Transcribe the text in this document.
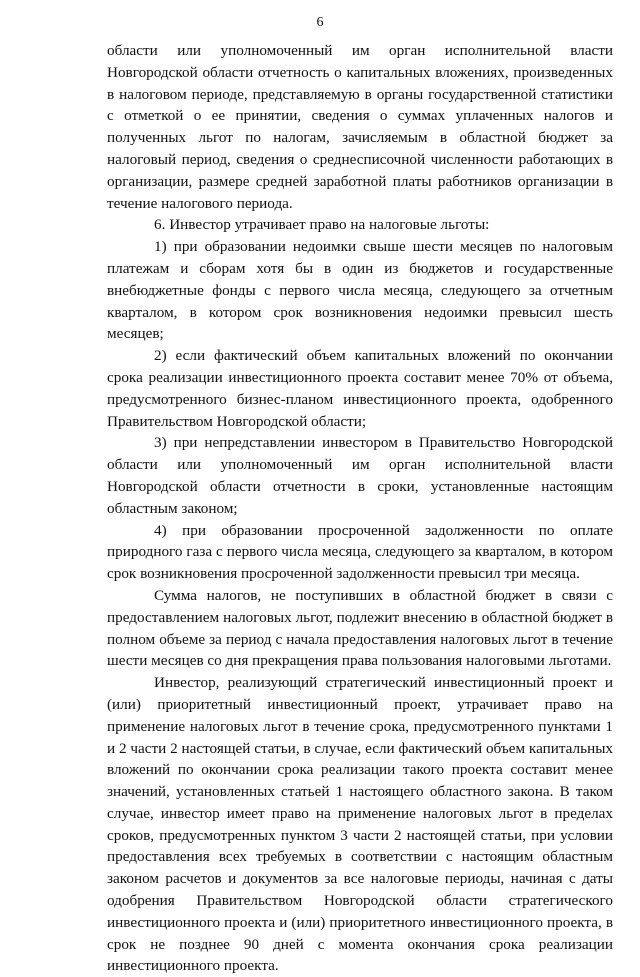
6

области или уполномоченный им орган исполнительной власти Новгородской области отчетность о капитальных вложениях, произведенных в налоговом периоде, представляемую в органы государственной статистики с отметкой о ее принятии, сведения о суммах уплаченных налогов и полученных льгот по налогам, зачисляемым в областной бюджет за налоговый период, сведения о среднесписочной численности работающих в организации, размере средней заработной платы работников организации в течение налогового периода.

6. Инвестор утрачивает право на налоговые льготы:

1) при образовании недоимки свыше шести месяцев по налоговым платежам и сборам хотя бы в один из бюджетов и государственные внебюджетные фонды с первого числа месяца, следующего за отчетным кварталом, в котором срок возникновения недоимки превысил шесть месяцев;

2) если фактический объем капитальных вложений по окончании срока реализации инвестиционного проекта составит менее 70% от объема, предусмотренного бизнес-планом инвестиционного проекта, одобренного Правительством Новгородской области;

3) при непредставлении инвестором в Правительство Новгородской области или уполномоченный им орган исполнительной власти Новгородской области отчетности в сроки, установленные настоящим областным законом;

4) при образовании просроченной задолженности по оплате природного газа с первого числа месяца, следующего за кварталом, в котором срок возникновения просроченной задолженности превысил три месяца.

Сумма налогов, не поступивших в областной бюджет в связи с предоставлением налоговых льгот, подлежит внесению в областной бюджет в полном объеме за период с начала предоставления налоговых льгот в течение шести месяцев со дня прекращения права пользования налоговыми льготами.

Инвестор, реализующий стратегический инвестиционный проект и (или) приоритетный инвестиционный проект, утрачивает право на применение налоговых льгот в течение срока, предусмотренного пунктами 1 и 2 части 2 настоящей статьи, в случае, если фактический объем капитальных вложений по окончании срока реализации такого проекта составит менее значений, установленных статьей 1 настоящего областного закона. В таком случае, инвестор имеет право на применение налоговых льгот в пределах сроков, предусмотренных пунктом 3 части 2 настоящей статьи, при условии предоставления всех требуемых в соответствии с настоящим областным законом расчетов и документов за все налоговые периоды, начиная с даты одобрения Правительством Новгородской области стратегического инвестиционного проекта и (или) приоритетного инвестиционного проекта, в срок не позднее 90 дней с момента окончания срока реализации инвестиционного проекта.
